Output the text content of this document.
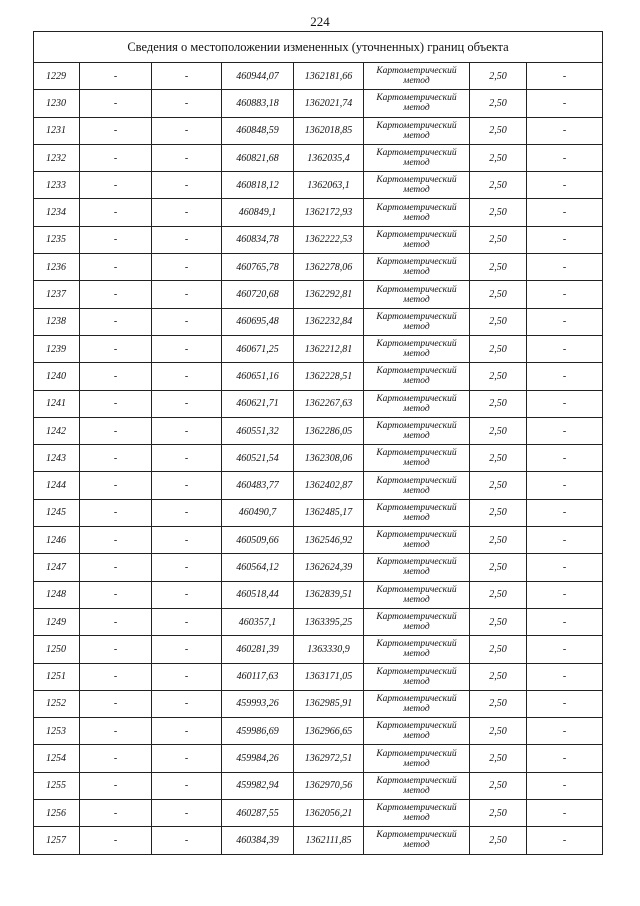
224
Сведения о местоположении измененных (уточненных) границ объекта							
1229	-	-	460944,07	1362181,66	Картометрический метод	2,50	-
1230	-	-	460883,18	1362021,74	Картометрический метод	2,50	-
1231	-	-	460848,59	1362018,85	Картометрический метод	2,50	-
1232	-	-	460821,68	1362035,4	Картометрический метод	2,50	-
1233	-	-	460818,12	1362063,1	Картометрический метод	2,50	-
1234	-	-	460849,1	1362172,93	Картометрический метод	2,50	-
1235	-	-	460834,78	1362222,53	Картометрический метод	2,50	-
1236	-	-	460765,78	1362278,06	Картометрический метод	2,50	-
1237	-	-	460720,68	1362292,81	Картометрический метод	2,50	-
1238	-	-	460695,48	1362232,84	Картометрический метод	2,50	-
1239	-	-	460671,25	1362212,81	Картометрический метод	2,50	-
1240	-	-	460651,16	1362228,51	Картометрический метод	2,50	-
1241	-	-	460621,71	1362267,63	Картометрический метод	2,50	-
1242	-	-	460551,32	1362286,05	Картометрический метод	2,50	-
1243	-	-	460521,54	1362308,06	Картометрический метод	2,50	-
1244	-	-	460483,77	1362402,87	Картометрический метод	2,50	-
1245	-	-	460490,7	1362485,17	Картометрический метод	2,50	-
1246	-	-	460509,66	1362546,92	Картометрический метод	2,50	-
1247	-	-	460564,12	1362624,39	Картометрический метод	2,50	-
1248	-	-	460518,44	1362839,51	Картометрический метод	2,50	-
1249	-	-	460357,1	1363395,25	Картометрический метод	2,50	-
1250	-	-	460281,39	1363330,9	Картометрический метод	2,50	-
1251	-	-	460117,63	1363171,05	Картометрический метод	2,50	-
1252	-	-	459993,26	1362985,91	Картометрический метод	2,50	-
1253	-	-	459986,69	1362966,65	Картометрический метод	2,50	-
1254	-	-	459984,26	1362972,51	Картометрический метод	2,50	-
1255	-	-	459982,94	1362970,56	Картометрический метод	2,50	-
1256	-	-	460287,55	1362056,21	Картометрический метод	2,50	-
1257	-	-	460384,39	1362111,85	Картометрический метод	2,50	-
